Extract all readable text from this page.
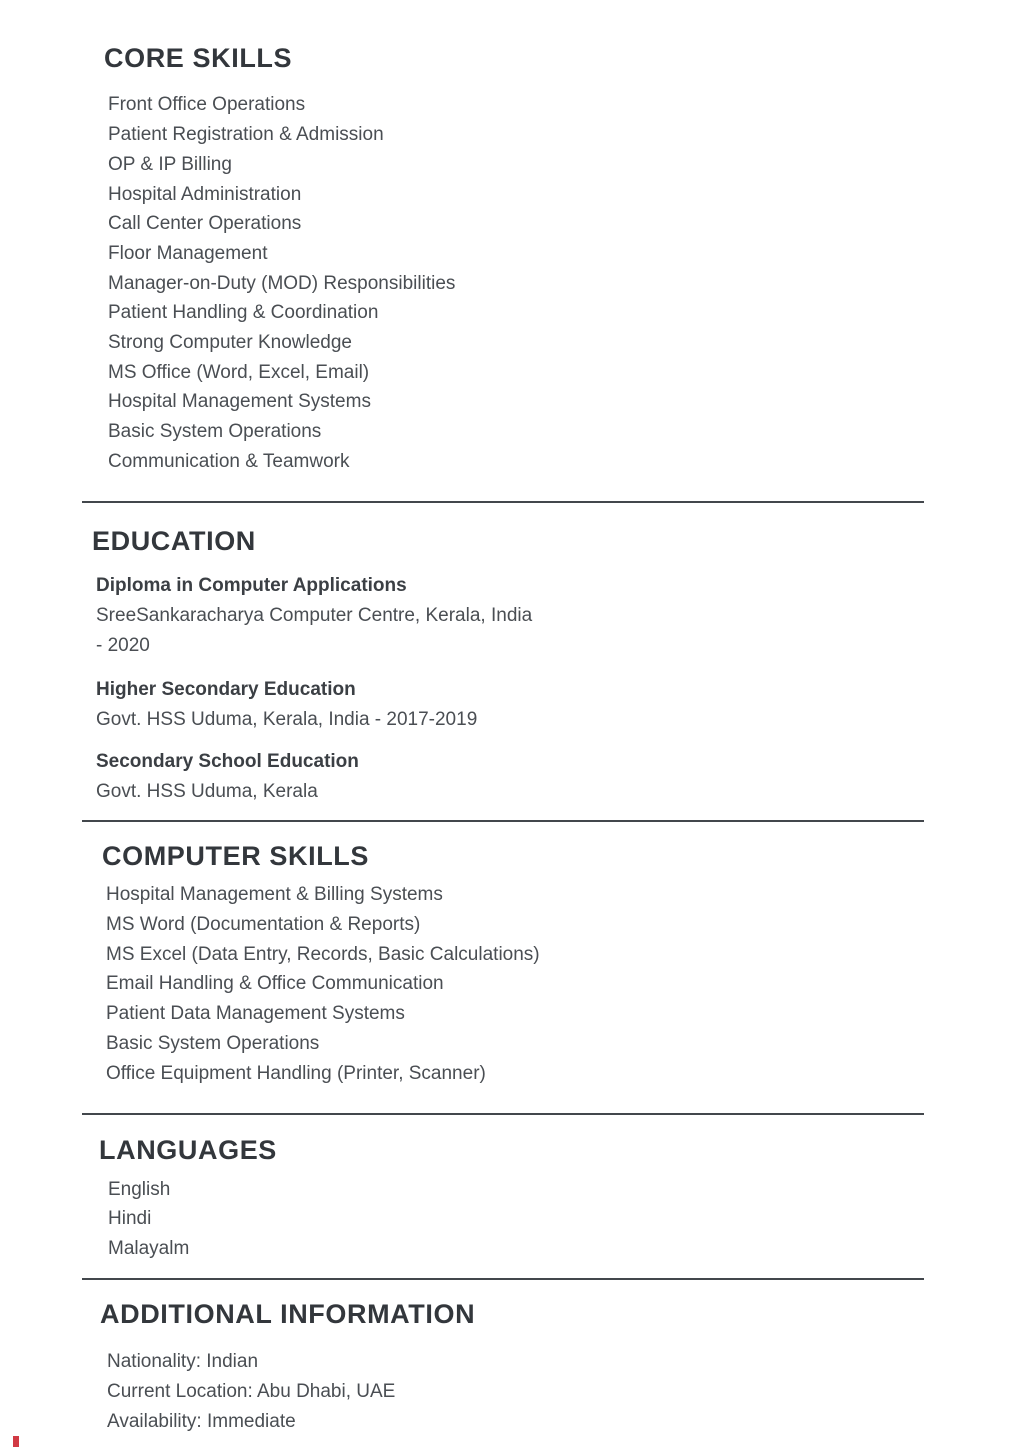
CORE SKILLS
Front Office Operations
Patient Registration & Admission
OP & IP Billing
Hospital Administration
Call Center Operations
Floor Management
Manager-on-Duty (MOD) Responsibilities
Patient Handling & Coordination
Strong Computer Knowledge
MS Office (Word, Excel, Email)
Hospital Management Systems
Basic System Operations
Communication & Teamwork
EDUCATION
Diploma in Computer Applications
SreeSankaracharya Computer Centre, Kerala, India
- 2020
Higher Secondary Education
Govt. HSS Uduma, Kerala, India - 2017-2019
Secondary School Education
Govt. HSS Uduma, Kerala
COMPUTER SKILLS
Hospital Management & Billing Systems
MS Word (Documentation & Reports)
MS Excel (Data Entry, Records, Basic Calculations)
Email Handling & Office Communication
Patient Data Management Systems
Basic System Operations
Office Equipment Handling (Printer, Scanner)
LANGUAGES
English
Hindi
Malayalm
ADDITIONAL INFORMATION
Nationality: Indian
Current Location: Abu Dhabi, UAE
Availability: Immediate
